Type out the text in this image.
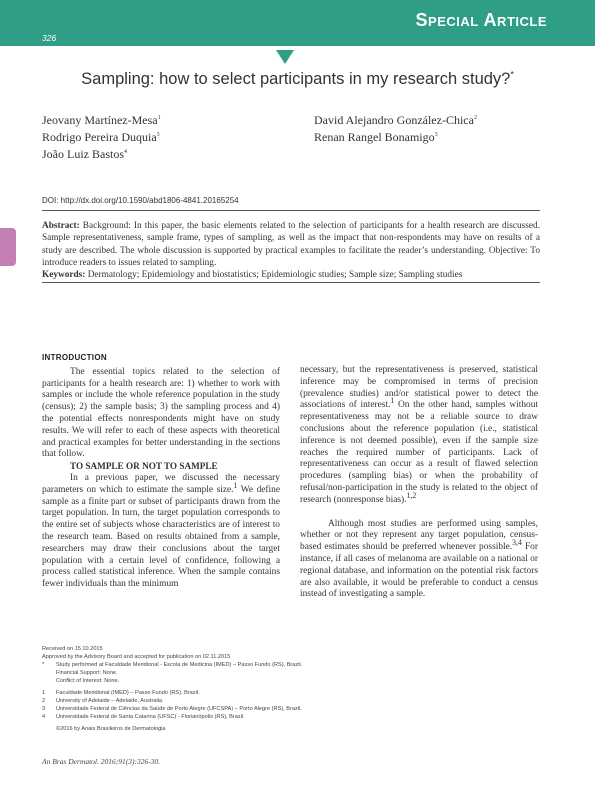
Special Article
326
Sampling: how to select participants in my research study?*
Jeovany Martínez-Mesa$^1$
Rodrigo Pereira Duquia$^3$
João Luiz Bastos$^4$
David Alejandro González-Chica$^2$
Renan Rangel Bonamigo$^3$
DOI: http://dx.doi.org/10.1590/abd1806-4841.20165254
Abstract: Background: In this paper, the basic elements related to the selection of participants for a health research are discussed. Sample representativeness, sample frame, types of sampling, as well as the impact that non-respondents may have on results of a study are described. The whole discussion is supported by practical examples to facilitate the reader’s understanding. Objective: To introduce readers to issues related to sampling.
Keywords: Dermatology; Epidemiology and biostatistics; Epidemiologic studies; Sample size; Sampling studies
INTRODUCTION

The essential topics related to the selection of participants for a health research are: 1) whether to work with samples or include the whole reference population in the study (census); 2) the sample basis; 3) the sampling process and 4) the potential effects nonrespondents might have on study results. We will refer to each of these aspects with theoretical and practical examples for better understanding in the sections that follow.

TO SAMPLE OR NOT TO SAMPLE

In a previous paper, we discussed the necessary parameters on which to estimate the sample size.$^1$ We define sample as a finite part or subset of participants drawn from the target population. In turn, the target population corresponds to the entire set of subjects whose characteristics are of interest to the research team. Based on results obtained from a sample, researchers may draw their conclusions about the target population with a certain level of confidence, following a process called statistical inference. When the sample contains fewer individuals than the minimum

necessary, but the representativeness is preserved, statistical inference may be compromised in terms of precision (prevalence studies) and/or statistical power to detect the associations of interest.$^1$ On the other hand, samples without representativeness may not be a reliable source to draw conclusions about the reference population (i.e., statistical inference is not deemed possible), even if the sample size reaches the required number of participants. Lack of representativeness can occur as a result of flawed selection procedures (sampling bias) or when the probability of refusal/non-participation in the study is related to the object of research (nonresponse bias).$^{1,2}$

Although most studies are performed using samples, whether or not they represent any target population, census-based estimates should be preferred whenever possible.$^{3,4}$ For instance, if all cases of melanoma are available on a national or regional database, and information on the potential risk factors are also available, it would be preferable to conduct a census instead of investigating a sample.

Received on 15.10.2015

Approved by the Advisory Board and accepted for publication on 02.11.2015

* Study performed at Faculdade Meridional - Escola de Medicina (IMED) – Passo Fundo (RS), Brazil.

Financial Support: None.

Conflict of Interest: None.

1 Faculdade Meridional (IMED) – Passo Fundo (RS), Brazil.

2 University of Adelaide – Adelaide, Australia.

3 Universidade Federal de Ciências da Saúde de Porto Alegre (UFCSPA) – Porto Alegre (RS), Brazil.

4 Universidade Federal de Santa Catarina (UFSC) - Florianópolis (RS), Brazil.

©2016 by Anais Brasileiros de Dermatologia

An Bras Dermatol. 2016;91(3):326-30.
